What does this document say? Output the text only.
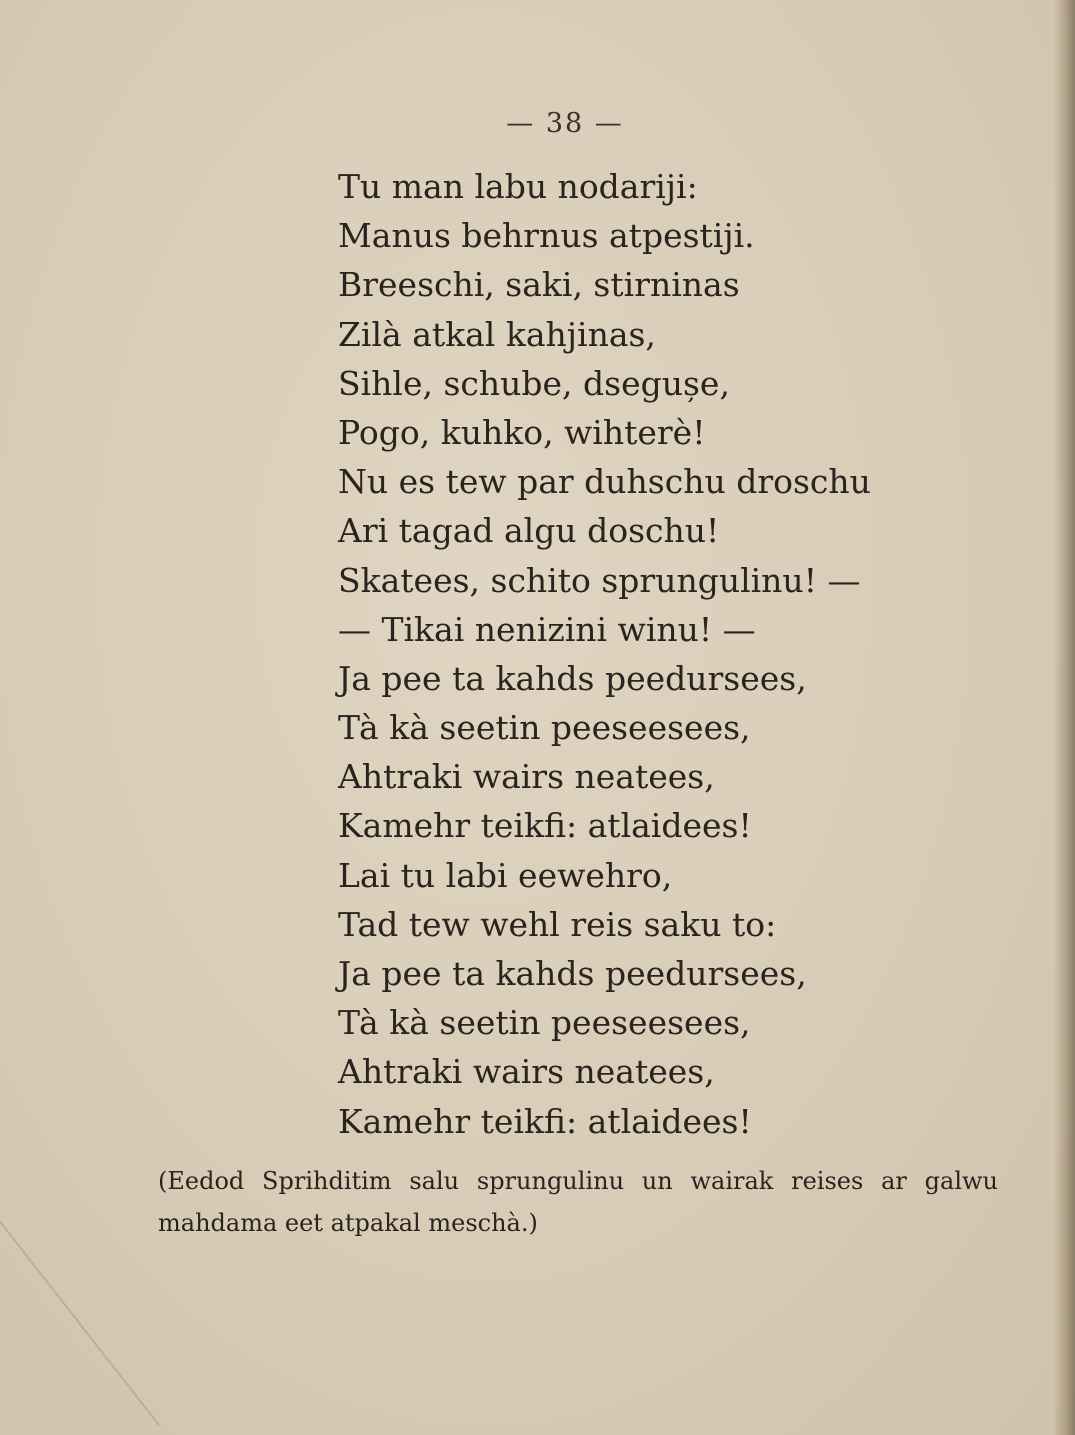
— 38 —
Tu man labu nodariji:
Manus behrnus atpestiji.
Breeschi, saki, stirninas
Zilà atkal kahjinas,
Sihle, schube, dsegușe,
Pogo, kuhko, wihterè!
Nu es tew par duhschu droschu
Ari tagad algu doschu!
Skatees, schito sprungulinu! —
— Tikai nenizini winu! —
Ja pee ta kahds peedursees,
Tà kà seetin peeseesees,
Ahtraki wairs neatees,
Kamehr teikfi: atlaidees!
Lai tu labi eewehro,
Tad tew wehl reis saku to:
Ja pee ta kahds peedursees,
Tà kà seetin peeseesees,
Ahtraki wairs neatees,
Kamehr teikfi: atlaidees!
(Eedod Sprihditim salu sprungulinu un wairak reises ar galwu mahdama eet atpakal meschà.)
